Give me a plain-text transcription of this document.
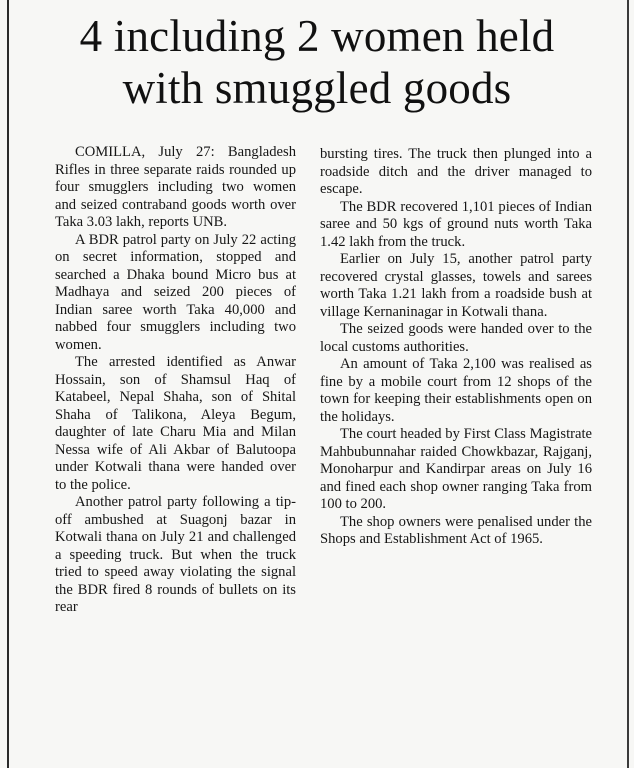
4 including 2 women held
with smuggled goods

COMILLA, July 27: Bangladesh Rifles in three separate raids rounded up four smugglers including two women and seized contraband goods worth over Taka 3.03 lakh, reports UNB.

A BDR patrol party on July 22 acting on secret information, stopped and searched a Dhaka bound Micro bus at Madhaya and seized 200 pieces of Indian saree worth Taka 40,000 and nabbed four smugglers including two women.

The arrested identified as Anwar Hossain, son of Shamsul Haq of Katabeel, Nepal Shaha, son of Shital Shaha of Talikona, Aleya Begum, daughter of late Charu Mia and Milan Nessa wife of Ali Akbar of Balutoopa under Kotwali thana were handed over to the police.

Another patrol party following a tip-off ambushed at Suagonj bazar in Kotwali thana on July 21 and challenged a speeding truck. But when the truck tried to speed away violating the signal the BDR fired 8 rounds of bullets on its rear

bursting tires. The truck then plunged into a roadside ditch and the driver managed to escape.

The BDR recovered 1,101 pieces of Indian saree and 50 kgs of ground nuts worth Taka 1.42 lakh from the truck.

Earlier on July 15, another patrol party recovered crystal glasses, towels and sarees worth Taka 1.21 lakh from a roadside bush at village Kernaninagar in Kotwali thana.

The seized goods were handed over to the local customs authorities.

An amount of Taka 2,100 was realised as fine by a mobile court from 12 shops of the town for keeping their establishments open on the holidays.

The court headed by First Class Magistrate Mahbubunnahar raided Chowkbazar, Rajganj, Monoharpur and Kandirpar areas on July 16 and fined each shop owner ranging Taka from 100 to 200.

The shop owners were penalised under the Shops and Establishment Act of 1965.
